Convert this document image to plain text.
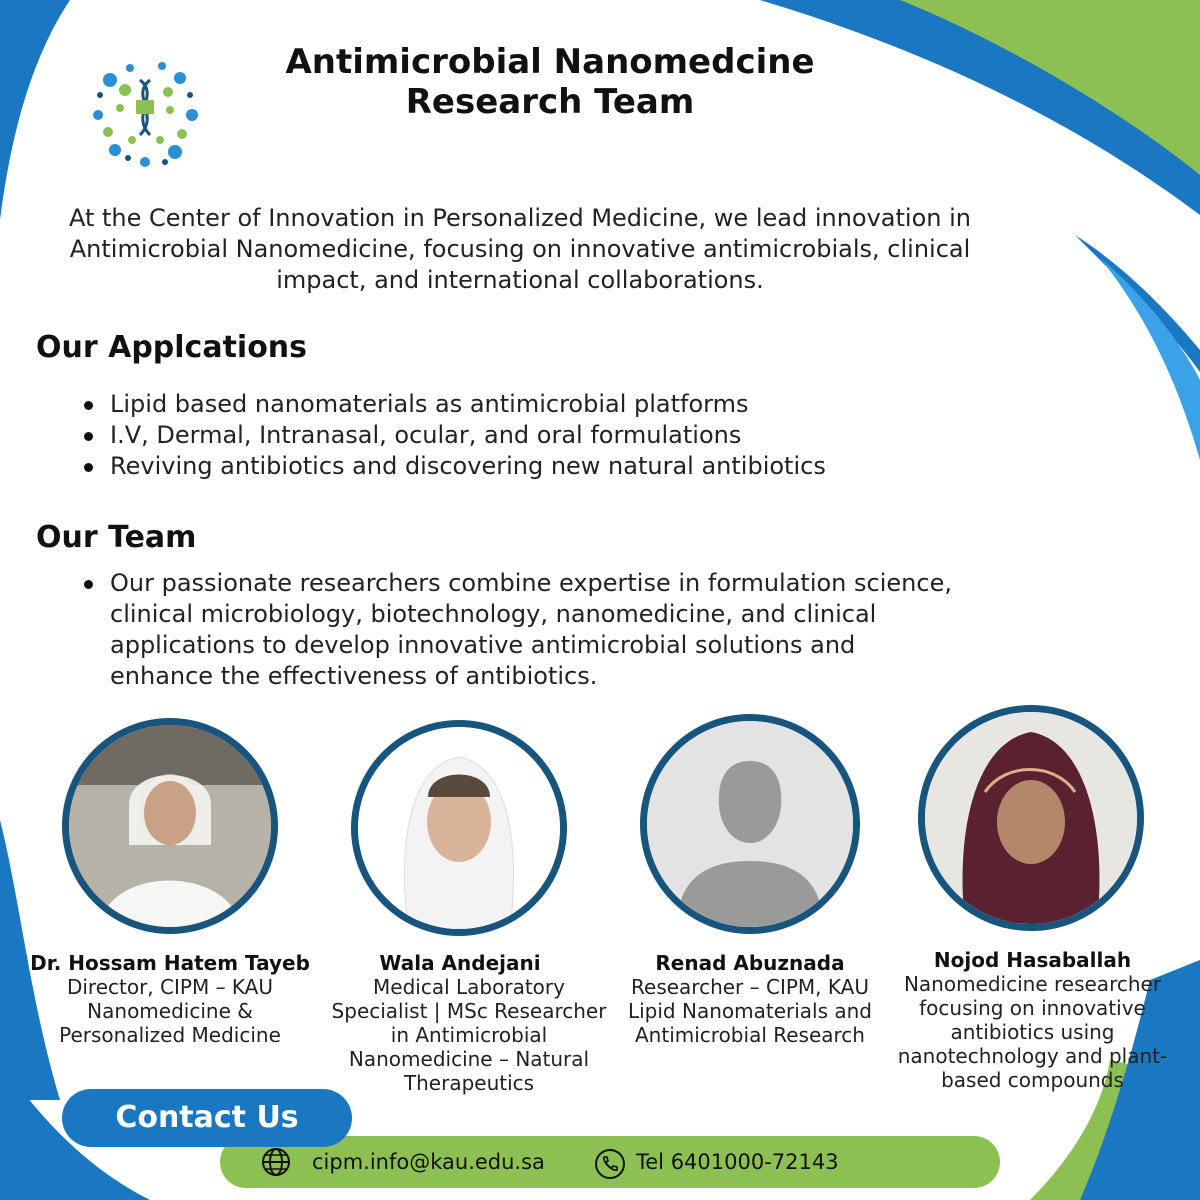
Antimicrobial Nanomedcine
Research Team
At the Center of Innovation in Personalized Medicine, we lead innovation in Antimicrobial Nanomedicine, focusing on innovative antimicrobials, clinical impact, and international collaborations.
Our Applcations
Lipid based nanomaterials as antimicrobial platforms
I.V, Dermal, Intranasal, ocular, and oral formulations
Reviving antibiotics and discovering new natural antibiotics
Our Team
Our passionate researchers combine expertise in formulation science, clinical microbiology, biotechnology, nanomedicine, and clinical applications to develop innovative antimicrobial solutions and enhance the effectiveness of antibiotics.
Dr. Hossam Hatem Tayeb
Director, CIPM – KAU Nanomedicine & Personalized Medicine
Wala Andejani
Medical Laboratory Specialist | MSc Researcher in Antimicrobial Nanomedicine – Natural Therapeutics
Renad Abuznada
Researcher – CIPM, KAU Lipid Nanomaterials and Antimicrobial Research
Nojod Hasaballah
Nanomedicine researcher focusing on innovative antibiotics using nanotechnology and plant-based compounds
Contact Us
cipm.info@kau.edu.sa	Tel 6401000-72143
